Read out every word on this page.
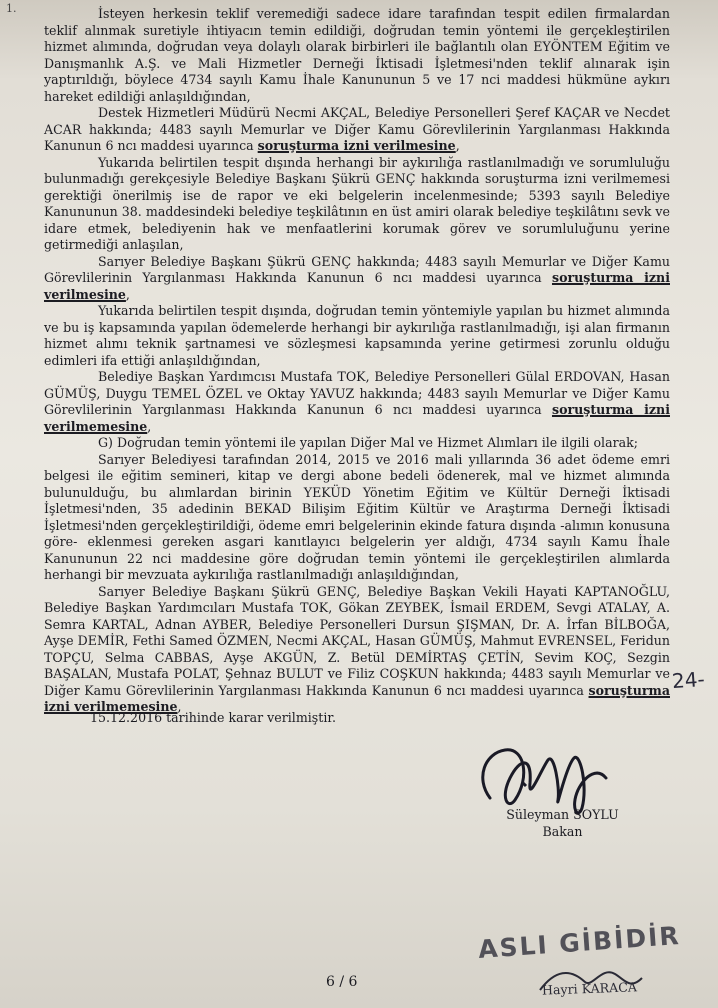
1.	İsteyen herkesin teklif veremediği sadece idare tarafından tespit edilen firmalardan teklif alınmak suretiyle ihtiyacın temin edildiği, doğrudan temin yöntemi ile gerçekleştirilen hizmet alımında, doğrudan veya dolaylı olarak birbirleri ile bağlantılı olan EYÖNTEM Eğitim ve Danışmanlık A.Ş. ve Mali Hizmetler Derneği İktisadi İşletmesi'nden teklif alınarak işin yaptırıldığı, böylece 4734 sayılı Kamu İhale Kanununun 5 ve 17 nci maddesi hükmüne aykırı hareket edildiği anlaşıldığından,

Destek Hizmetleri Müdürü Necmi AKÇAL, Belediye Personelleri Şeref KAÇAR ve Necdet ACAR hakkında; 4483 sayılı Memurlar ve Diğer Kamu Görevlilerinin Yargılanması Hakkında Kanunun 6 ncı maddesi uyarınca soruşturma izni verilmesine,

Yukarıda belirtilen tespit dışında herhangi bir aykırılığa rastlanılmadığı ve sorumluluğu bulunmadığı gerekçesiyle Belediye Başkanı Şükrü GENÇ hakkında soruşturma izni verilmemesi gerektiği önerilmiş ise de rapor ve eki belgelerin incelenmesinde; 5393 sayılı Belediye Kanununun 38. maddesindeki belediye teşkilâtının en üst amiri olarak belediye teşkilâtını sevk ve idare etmek, belediyenin hak ve menfaatlerini korumak görev ve sorumluluğunu yerine getirmediği anlaşılan,

Sarıyer Belediye Başkanı Şükrü GENÇ hakkında; 4483 sayılı Memurlar ve Diğer Kamu Görevlilerinin Yargılanması Hakkında Kanunun 6 ncı maddesi uyarınca soruşturma izni verilmesine,

Yukarıda belirtilen tespit dışında, doğrudan temin yöntemiyle yapılan bu hizmet alımında ve bu iş kapsamında yapılan ödemelerde herhangi bir aykırılığa rastlanılmadığı, işi alan firmanın hizmet alımı teknik şartnamesi ve sözleşmesi kapsamında yerine getirmesi zorunlu olduğu edimleri ifa ettiği anlaşıldığından,

Belediye Başkan Yardımcısı Mustafa TOK, Belediye Personelleri Gülal ERDOVAN, Hasan GÜMÜŞ, Duygu TEMEL ÖZEL ve Oktay YAVUZ hakkında; 4483 sayılı Memurlar ve Diğer Kamu Görevlilerinin Yargılanması Hakkında Kanunun 6 ncı maddesi uyarınca soruşturma izni verilmemesine,

G) Doğrudan temin yöntemi ile yapılan Diğer Mal ve Hizmet Alımları ile ilgili olarak;

Sarıyer Belediyesi tarafından 2014, 2015 ve 2016 mali yıllarında 36 adet ödeme emri belgesi ile eğitim semineri, kitap ve dergi abone bedeli ödenerek, mal ve hizmet alımında bulunulduğu, bu alımlardan birinin YEKÜD Yönetim Eğitim ve Kültür Derneği İktisadi İşletmesi'nden, 35 adedinin BEKAD Bilişim Eğitim Kültür ve Araştırma Derneği İktisadi İşletmesi'nden gerçekleştirildiği, ödeme emri belgelerinin ekinde fatura dışında -alımın konusuna göre- eklenmesi gereken asgari kanıtlayıcı belgelerin yer aldığı, 4734 sayılı Kamu İhale Kanununun 22 nci maddesine göre doğrudan temin yöntemi ile gerçekleştirilen alımlarda herhangi bir mevzuata aykırılığa rastlanılmadığı anlaşıldığından,

Sarıyer Belediye Başkanı Şükrü GENÇ, Belediye Başkan Vekili Hayati KAPTANOĞLU, Belediye Başkan Yardımcıları Mustafa TOK, Gökan ZEYBEK, İsmail ERDEM, Sevgi ATALAY, A. Semra KARTAL, Adnan AYBER, Belediye Personelleri Dursun ŞIŞMAN, Dr. A. İrfan BİLBOĞA, Ayşe DEMİR, Fethi Samed ÖZMEN, Necmi AKÇAL, Hasan GÜMÜŞ, Mahmut EVRENSEL, Feridun TOPÇU, Selma CABBAS, Ayşe AKGÜN, Z. Betül DEMİRTAŞ ÇETİN, Sevim KOÇ, Sezgin BAŞALAN, Mustafa POLAT, Şehnaz BULUT ve Filiz COŞKUN hakkında; 4483 sayılı Memurlar ve Diğer Kamu Görevlilerinin Yargılanması Hakkında Kanunun 6 ncı maddesi uyarınca soruşturma izni verilmemesine,

15.12.2016 tarihinde karar verilmiştir.
24-
Süleyman SOYLU
Bakan
ASLI GİBİDİR
Hayri KARACA
6 / 6
